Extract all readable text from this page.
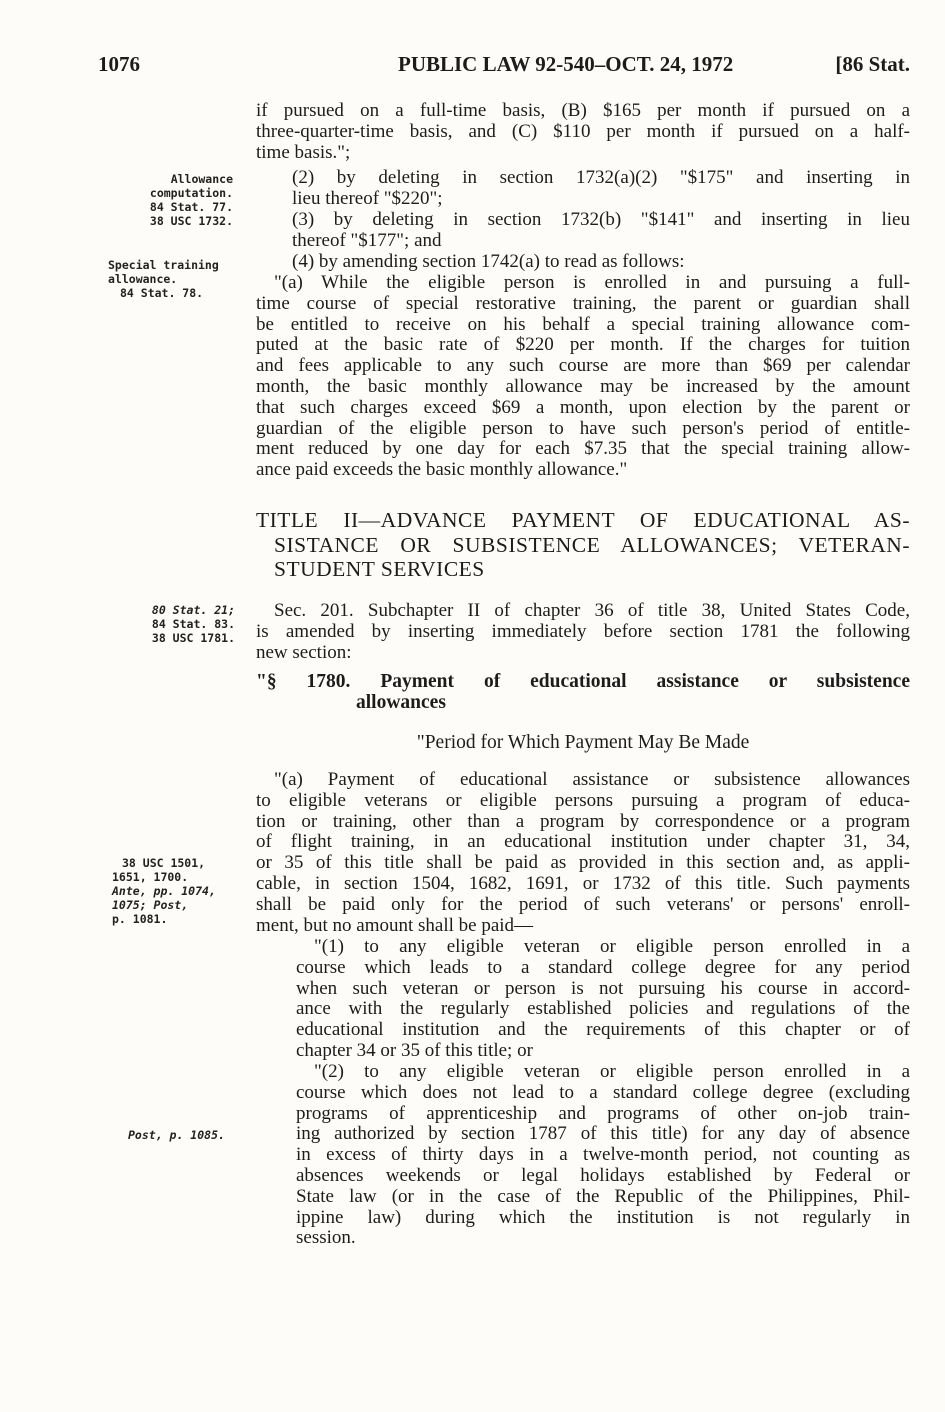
1076	PUBLIC LAW 92-540–OCT. 24, 1972	[86 Stat.
Allowance
computation.
84 Stat. 77.
38 USC 1732.
Special training
allowance.
84 Stat. 78.
80 Stat. 21;
84 Stat. 83.
38 USC 1781.
38 USC 1501,
1651, 1700.
Ante, pp. 1074,
1075; Post,
p. 1081.
Post, p. 1085.
if pursued on a full-time basis, (B) $165 per month if pursued on a
three-quarter-time basis, and (C) $110 per month if pursued on a half-
time basis.";
(2) by deleting in section 1732(a)(2) "$175" and inserting in
lieu thereof "$220";
(3) by deleting in section 1732(b) "$141" and inserting in lieu
thereof "$177"; and
(4) by amending section 1742(a) to read as follows:
"(a) While the eligible person is enrolled in and pursuing a full-
time course of special restorative training, the parent or guardian shall
be entitled to receive on his behalf a special training allowance com-
puted at the basic rate of $220 per month. If the charges for tuition
and fees applicable to any such course are more than $69 per calendar
month, the basic monthly allowance may be increased by the amount
that such charges exceed $69 a month, upon election by the parent or
guardian of the eligible person to have such person's period of entitle-
ment reduced by one day for each $7.35 that the special training allow-
ance paid exceeds the basic monthly allowance."
TITLE II—ADVANCE PAYMENT OF EDUCATIONAL AS-
SISTANCE OR SUBSISTENCE ALLOWANCES; VETERAN-
STUDENT SERVICES
Sec. 201. Subchapter II of chapter 36 of title 38, United States Code,
is amended by inserting immediately before section 1781 the following
new section:
"§ 1780. Payment of educational assistance or subsistence
allowances
"Period for Which Payment May Be Made
"(a) Payment of educational assistance or subsistence allowances
to eligible veterans or eligible persons pursuing a program of educa-
tion or training, other than a program by correspondence or a program
of flight training, in an educational institution under chapter 31, 34,
or 35 of this title shall be paid as provided in this section and, as appli-
cable, in section 1504, 1682, 1691, or 1732 of this title. Such payments
shall be paid only for the period of such veterans' or persons' enroll-
ment, but no amount shall be paid—
"(1) to any eligible veteran or eligible person enrolled in a
course which leads to a standard college degree for any period
when such veteran or person is not pursuing his course in accord-
ance with the regularly established policies and regulations of the
educational institution and the requirements of this chapter or of
chapter 34 or 35 of this title; or
"(2) to any eligible veteran or eligible person enrolled in a
course which does not lead to a standard college degree (excluding
programs of apprenticeship and programs of other on-job train-
ing authorized by section 1787 of this title) for any day of absence
in excess of thirty days in a twelve-month period, not counting as
absences weekends or legal holidays established by Federal or
State law (or in the case of the Republic of the Philippines, Phil-
ippine law) during which the institution is not regularly in
session.
